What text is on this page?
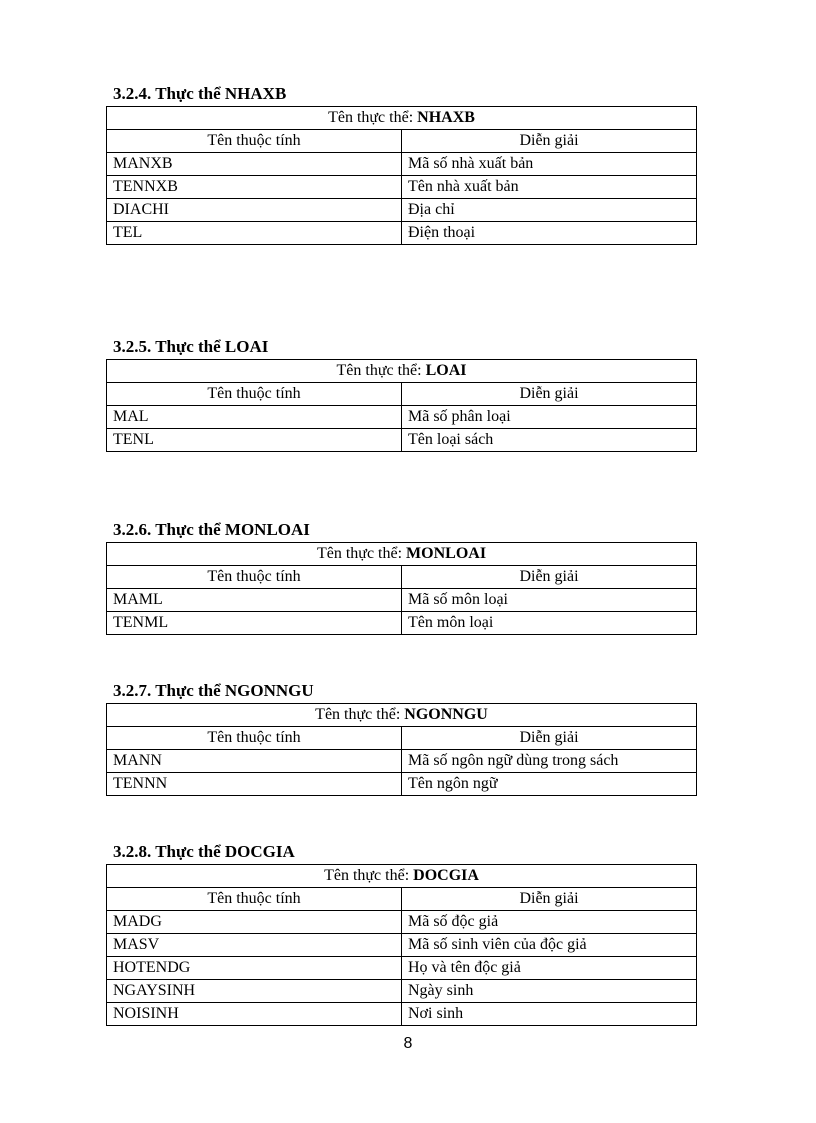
3.2.4. Thực thể NHAXB
Tên thực thể: NHAXB	
Tên thuộc tính	Diễn giải
MANXB	Mã số nhà xuất bản
TENNXB	Tên nhà xuất bản
DIACHI	Địa chỉ
TEL	Điện thoại
3.2.5. Thực thể LOAI
Tên thực thể: LOAI	
Tên thuộc tính	Diễn giải
MAL	Mã số phân loại
TENL	Tên loại sách
3.2.6. Thực thể MONLOAI
Tên thực thể: MONLOAI	
Tên thuộc tính	Diễn giải
MAML	Mã số môn loại
TENML	Tên môn loại
3.2.7. Thực thể NGONNGU
Tên thực thể: NGONNGU	
Tên thuộc tính	Diễn giải
MANN	Mã số ngôn ngữ dùng trong sách
TENNN	Tên ngôn ngữ
3.2.8. Thực thể DOCGIA
Tên thực thể: DOCGIA	
Tên thuộc tính	Diễn giải
MADG	Mã số độc giả
MASV	Mã số sinh viên của độc giả
HOTENDG	Họ và tên độc giả
NGAYSINH	Ngày sinh
NOISINH	Nơi sinh
8
